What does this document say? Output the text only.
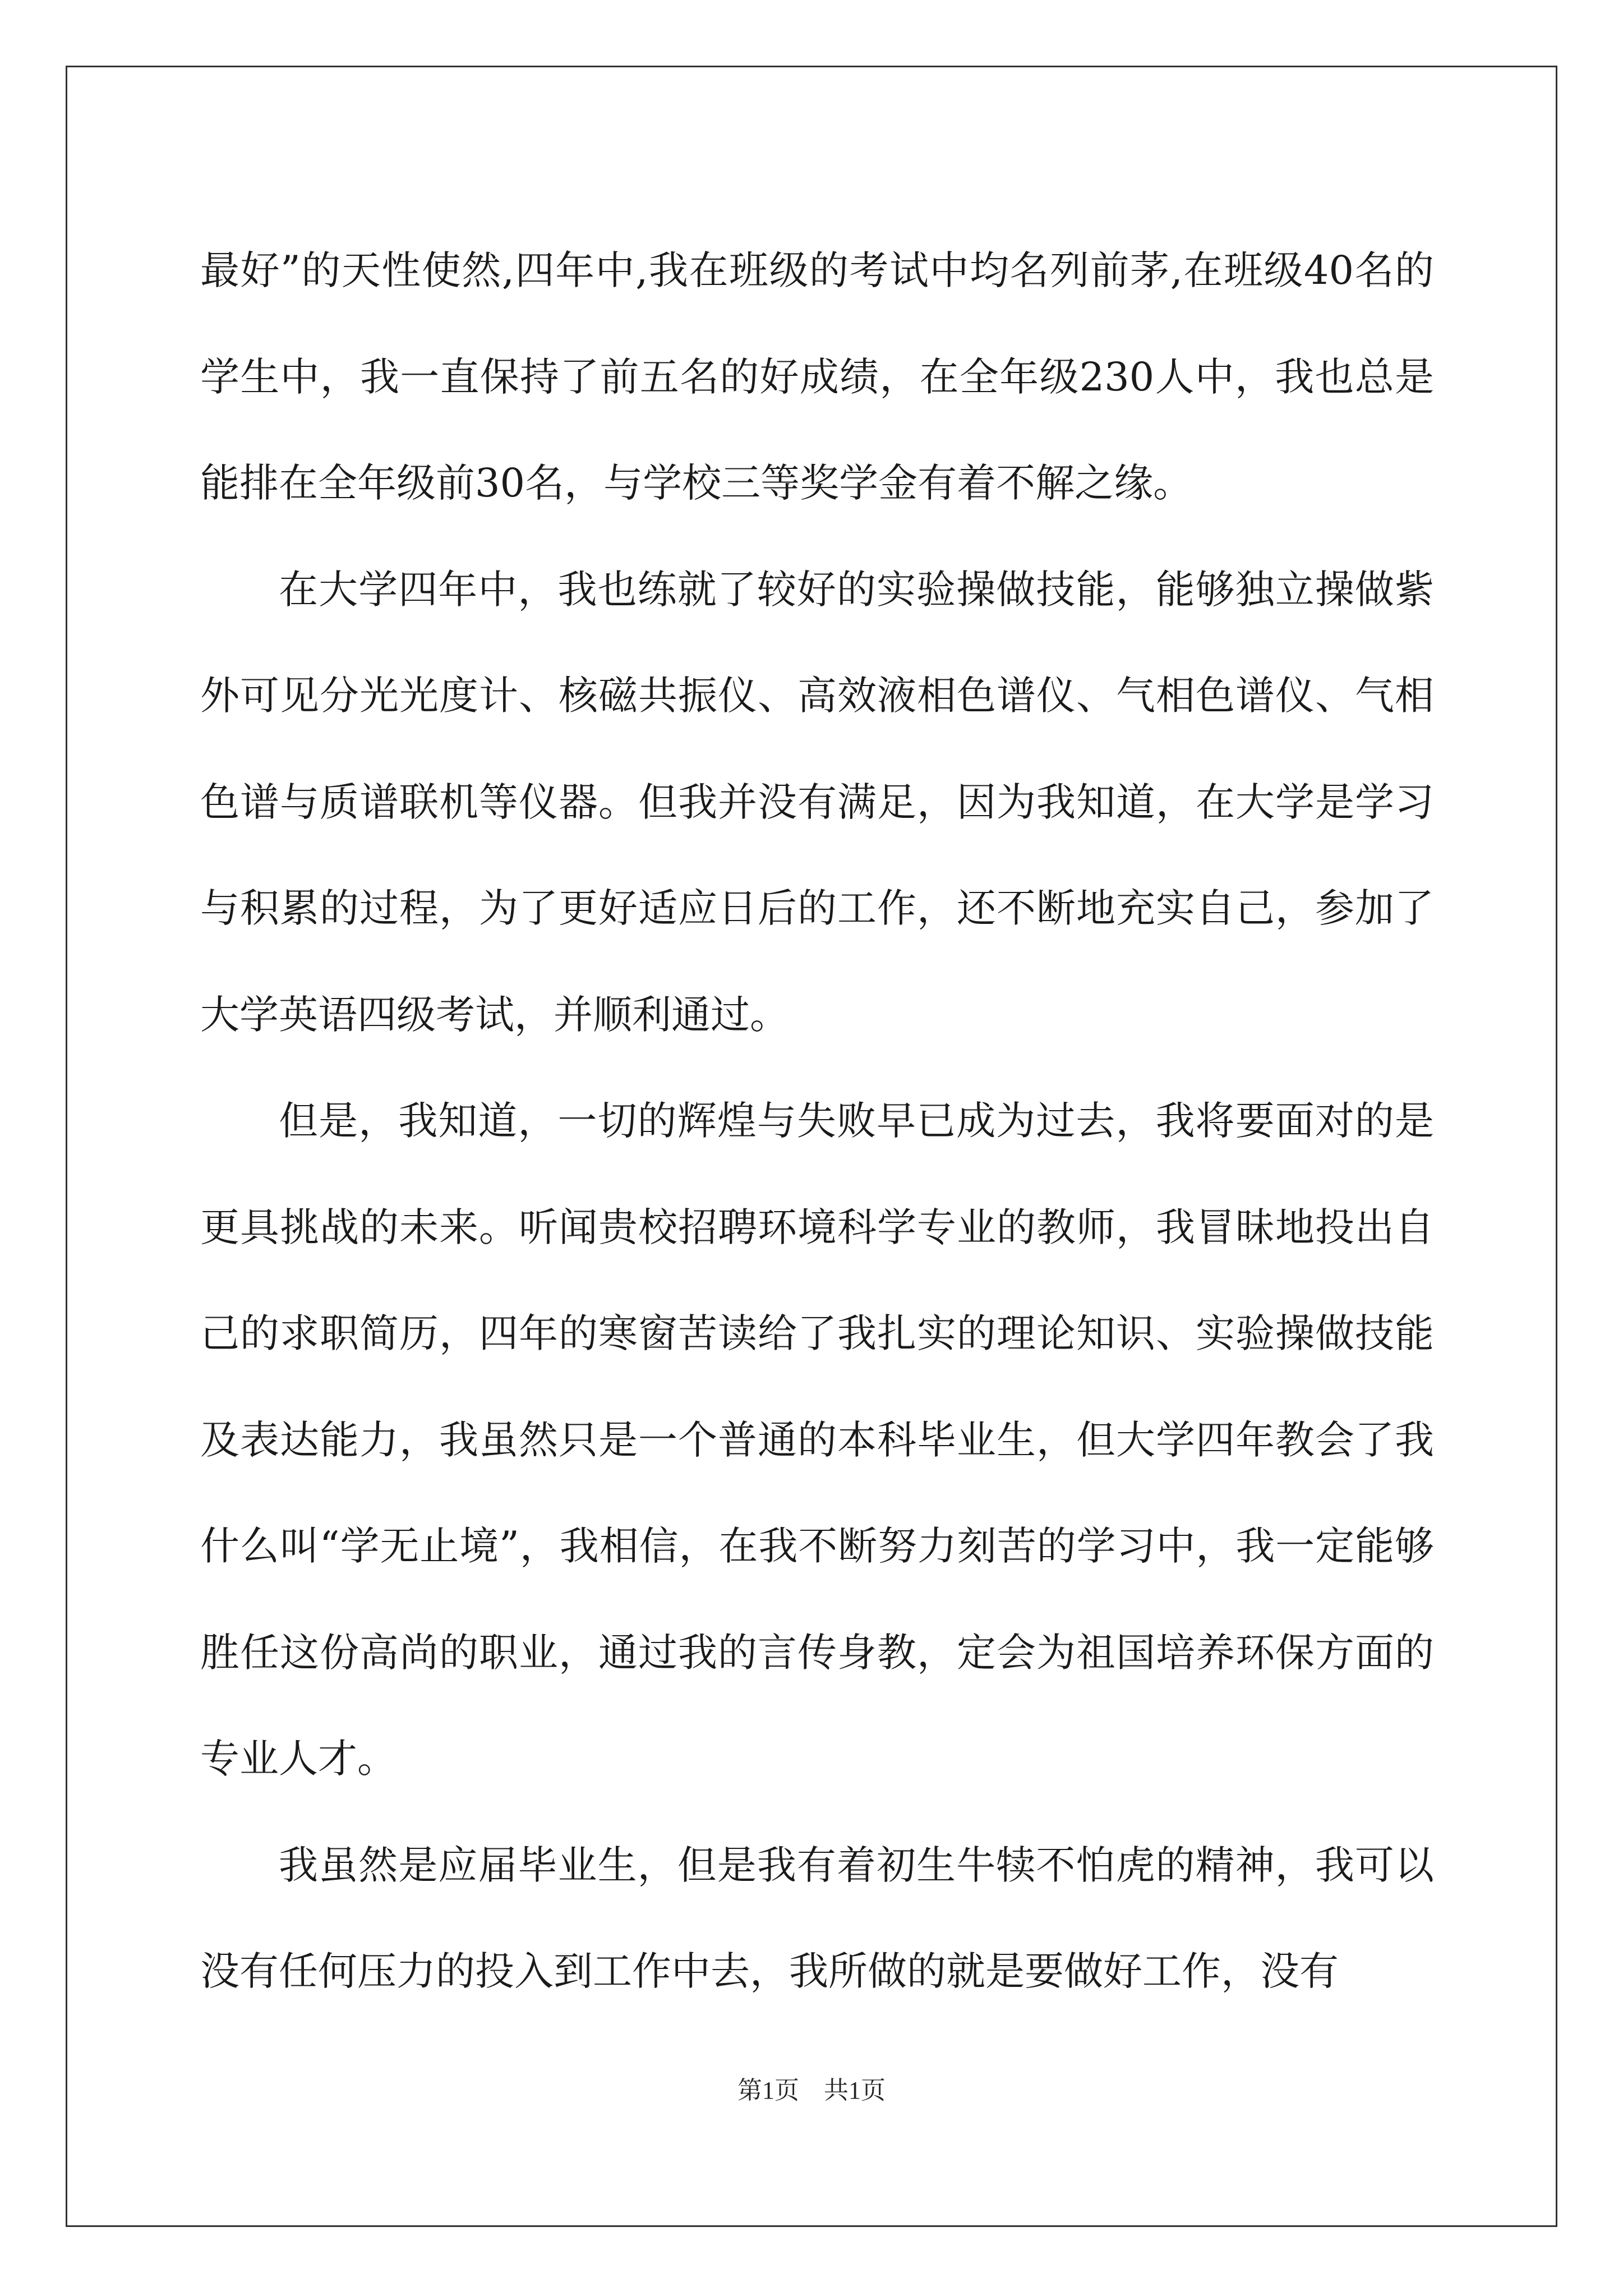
最好”的天性使然,四年中,我在班级的考试中均名列前茅,在班级40名的学生中，我一直保持了前五名的好成绩，在全年级230人中，我也总是能排在全年级前30名，与学校三等奖学金有着不解之缘。

在大学四年中，我也练就了较好的实验操做技能，能够独立操做紫外可见分光光度计、核磁共振仪、高效液相色谱仪、气相色谱仪、气相色谱与质谱联机等仪器。但我并没有满足，因为我知道，在大学是学习与积累的过程，为了更好适应日后的工作，还不断地充实自己，参加了大学英语四级考试，并顺利通过。

但是，我知道，一切的辉煌与失败早已成为过去，我将要面对的是更具挑战的未来。听闻贵校招聘环境科学专业的教师，我冒昧地投出自己的求职简历，四年的寒窗苦读给了我扎实的理论知识、实验操做技能及表达能力，我虽然只是一个普通的本科毕业生，但大学四年教会了我什么叫“学无止境”，我相信，在我不断努力刻苦的学习中，我一定能够胜任这份高尚的职业，通过我的言传身教，定会为祖国培养环保方面的专业人才。

我虽然是应届毕业生，但是我有着初生牛犊不怕虎的精神，我可以没有任何压力的投入到工作中去，我所做的就是要做好工作，没有

第1页 共1页
